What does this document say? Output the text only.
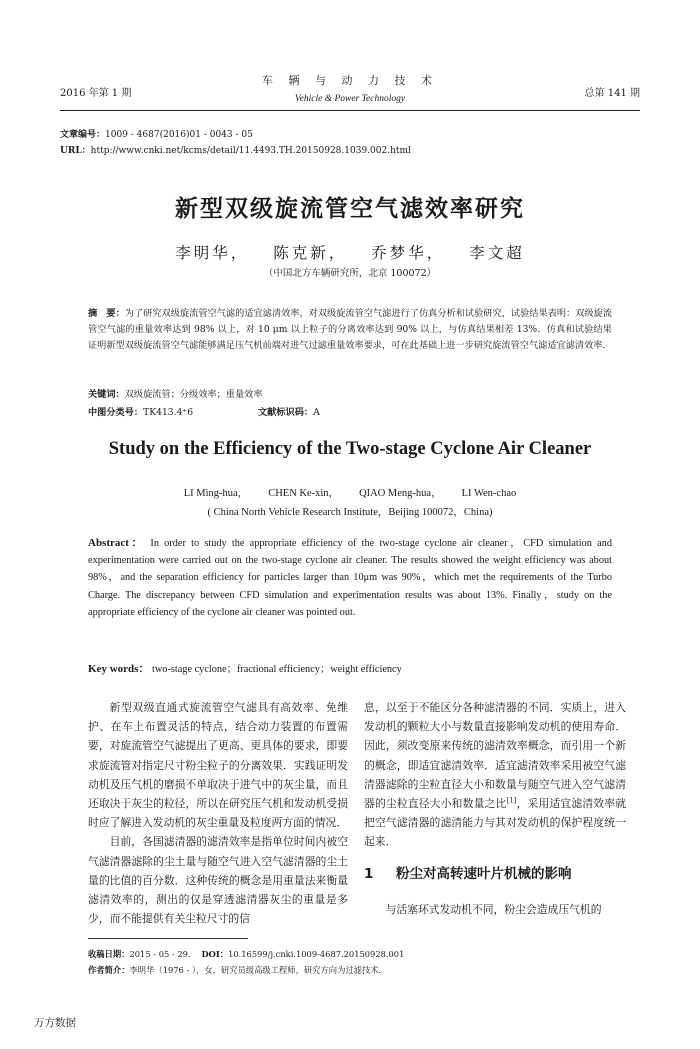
2016 年第 1 期
车 辆 与 动 力 技 术
Vehicle & Power Technology	总第 141 期
文章编号：1009 - 4687(2016)01 - 0043 - 05
URL：http://www.cnki.net/kcms/detail/11.4493.TH.20150928.1039.002.html
新型双级旋流管空气滤效率研究
李明华， 陈克新， 乔梦华， 李文超
（中国北方车辆研究所，北京 100072）
摘　要：为了研究双级旋流管空气滤的适宜滤清效率，对双级旋流管空气滤进行了仿真分析和试验研究，试验结果表明：双级旋流管空气滤的重量效率达到 98% 以上，对 10 μm 以上粒子的分离效率达到 90% 以上，与仿真结果相差 13%．仿真和试验结果证明新型双级旋流管空气滤能够满足压气机前端对进气过滤重量效率要求，可在此基础上进一步研究旋流管空气滤适宜滤清效率．
关键词：双级旋流管；分级效率；重量效率
中图分类号：TK413.4⁺6	文献标识码：A
Study on the Efficiency of the Two-stage Cyclone Air Cleaner
LI Ming-hua， CHEN Ke-xin， QIAO Meng-hua， LI Wen-chao
( China North Vehicle Research Institute，Beijing 100072，China)
Abstract： In order to study the appropriate efficiency of the two-stage cyclone air cleaner，CFD simulation and experimentation were carried out on the two-stage cyclone air cleaner. The results showed the weight efficiency was about 98%，and the separation efficiency for particles larger than 10μm was 90%，which met the requirements of the Turbo Charge. The discrepancy between CFD simulation and experimentation results was about 13%. Finally，study on the appropriate efficiency of the cyclone air cleaner was pointed out.
Key words： two-stage cyclone；fractional efficiency；weight efficiency

新型双级直通式旋流管空气滤具有高效率、免维护、在车上布置灵活的特点，结合动力装置的布置需要，对旋流管空气滤提出了更高、更具体的要求，即要求旋流管对指定尺寸粉尘粒子的分离效果．实践证明发动机及压气机的磨损不单取决于进气中的灰尘量，而且还取决于灰尘的粒径，所以在研究压气机和发动机受损时应了解进入发动机的灰尘重量及粒度两方面的情况．

目前，各国滤清器的滤清效率是指单位时间内被空气滤清器滤除的尘土量与随空气进入空气滤清器的尘土量的比值的百分数．这种传统的概念是用重量法来衡量滤清效率的，测出的仅是穿透滤清器灰尘的重量是多少，而不能提供有关尘粒尺寸的信

息，以至于不能区分各种滤清器的不同．实质上，进入发动机的颗粒大小与数量直接影响发动机的使用寿命．因此，须改变原来传统的滤清效率概念，而引用一个新的概念，即适宜滤清效率．适宜滤清效率采用被空气滤清器滤除的尘粒直径大小和数量与随空气进入空气滤清器的尘粒直径大小和数量之比[1]，采用适宜滤清效率就把空气滤清器的滤清能力与其对发动机的保护程度统一起来．

1 粉尘对高转速叶片机械的影响
与活塞环式发动机不同，粉尘会造成压气机的
收稿日期：2015 - 05 - 29． DOI：10.16599/j.cnki.1009-4687.20150928.001
作者简介：李明华（1976 - ），女，研究员级高级工程师，研究方向为过滤技术．
万方数据
